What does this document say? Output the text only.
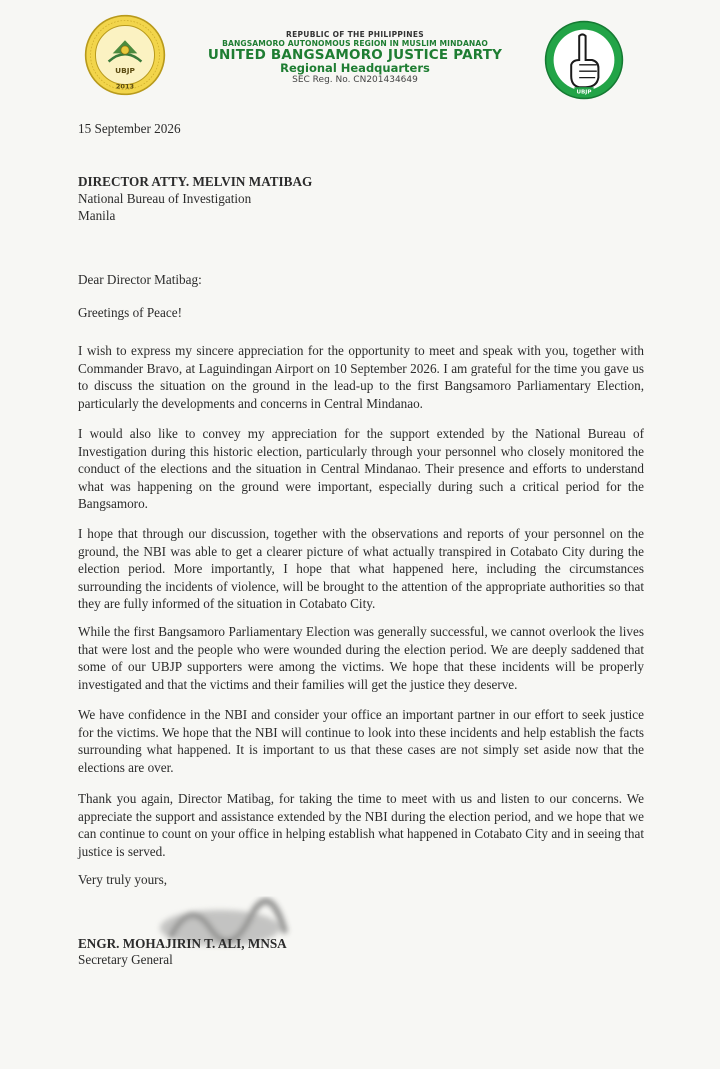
UBJP
2013
REPUBLIC OF THE PHILIPPINES
BANGSAMORO AUTONOMOUS REGION IN MUSLIM MINDANAO
UNITED BANGSAMORO JUSTICE PARTY
Regional Headquarters
SEC Reg. No. CN201434649
UBJP
15 September 2026
DIRECTOR ATTY. MELVIN MATIBAG
National Bureau of Investigation
Manila
Dear Director Matibag:
Greetings of Peace!
I wish to express my sincere appreciation for the opportunity to meet and speak with you, together with Commander Bravo, at Laguindingan Airport on 10 September 2026. I am grateful for the time you gave us to discuss the situation on the ground in the lead-up to the first Bangsamoro Parliamentary Election, particularly the developments and concerns in Central Mindanao.
I would also like to convey my appreciation for the support extended by the National Bureau of Investigation during this historic election, particularly through your personnel who closely monitored the conduct of the elections and the situation in Central Mindanao. Their presence and efforts to understand what was happening on the ground were important, especially during such a critical period for the Bangsamoro.
I hope that through our discussion, together with the observations and reports of your personnel on the ground, the NBI was able to get a clearer picture of what actually transpired in Cotabato City during the election period. More importantly, I hope that what happened here, including the circumstances surrounding the incidents of violence, will be brought to the attention of the appropriate authorities so that they are fully informed of the situation in Cotabato City.
While the first Bangsamoro Parliamentary Election was generally successful, we cannot overlook the lives that were lost and the people who were wounded during the election period. We are deeply saddened that some of our UBJP supporters were among the victims. We hope that these incidents will be properly investigated and that the victims and their families will get the justice they deserve.
We have confidence in the NBI and consider your office an important partner in our effort to seek justice for the victims. We hope that the NBI will continue to look into these incidents and help establish the facts surrounding what happened. It is important to us that these cases are not simply set aside now that the elections are over.
Thank you again, Director Matibag, for taking the time to meet with us and listen to our concerns. We appreciate the support and assistance extended by the NBI during the election period, and we hope that we can continue to count on your office in helping establish what happened in Cotabato City and in seeing that justice is served.
Very truly yours,
ENGR. MOHAJIRIN T. ALI, MNSA
Secretary General
